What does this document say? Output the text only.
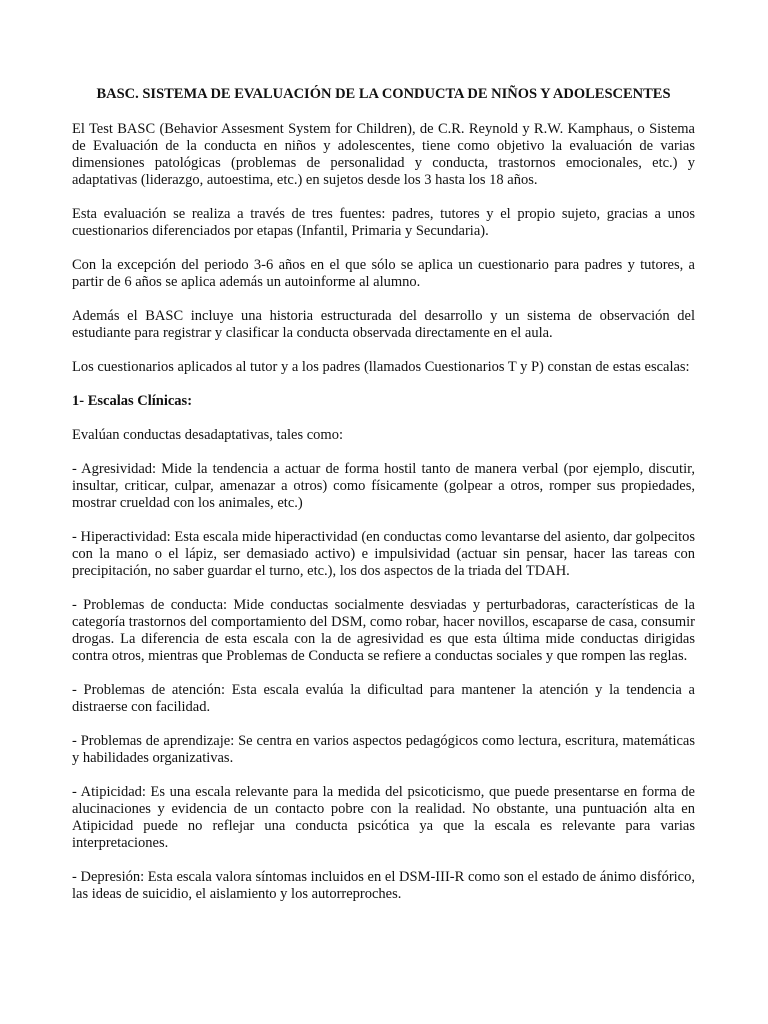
BASC. SISTEMA DE EVALUACIÓN DE LA CONDUCTA DE NIÑOS Y ADOLESCENTES

El Test BASC (Behavior Assesment System for Children), de C.R. Reynold y R.W. Kamphaus, o Sistema de Evaluación de la conducta en niños y adolescentes, tiene como objetivo la evaluación de varias dimensiones patológicas (problemas de personalidad y conducta, trastornos emocionales, etc.) y adaptativas (liderazgo, autoestima, etc.) en sujetos desde los 3 hasta los 18 años.

Esta evaluación se realiza a través de tres fuentes: padres, tutores y el propio sujeto, gracias a unos cuestionarios diferenciados por etapas (Infantil, Primaria y Secundaria).

Con la excepción del periodo 3-6 años en el que sólo se aplica un cuestionario para padres y tutores, a partir de 6 años se aplica además un autoinforme al alumno.

Además el BASC incluye una historia estructurada del desarrollo y un sistema de observación del estudiante para registrar y clasificar la conducta observada directamente en el aula.

Los cuestionarios aplicados al tutor y a los padres (llamados Cuestionarios T y P) constan de estas escalas:

1- Escalas Clínicas:

Evalúan conductas desadaptativas, tales como:

- Agresividad: Mide la tendencia a actuar de forma hostil tanto de manera verbal (por ejemplo, discutir, insultar, criticar, culpar, amenazar a otros) como físicamente (golpear a otros, romper sus propiedades, mostrar crueldad con los animales, etc.)

- Hiperactividad: Esta escala mide hiperactividad (en conductas como levantarse del asiento, dar golpecitos con la mano o el lápiz, ser demasiado activo) e impulsividad (actuar sin pensar, hacer las tareas con precipitación, no saber guardar el turno, etc.), los dos aspectos de la triada del TDAH.

- Problemas de conducta: Mide conductas socialmente desviadas y perturbadoras, características de la categoría trastornos del comportamiento del DSM, como robar, hacer novillos, escaparse de casa, consumir drogas. La diferencia de esta escala con la de agresividad es que esta última mide conductas dirigidas contra otros, mientras que Problemas de Conducta se refiere a conductas sociales y que rompen las reglas.

- Problemas de atención: Esta escala evalúa la dificultad para mantener la atención y la tendencia a distraerse con facilidad.

- Problemas de aprendizaje: Se centra en varios aspectos pedagógicos como lectura, escritura, matemáticas y habilidades organizativas.

- Atipicidad: Es una escala relevante para la medida del psicoticismo, que puede presentarse en forma de alucinaciones y evidencia de un contacto pobre con la realidad. No obstante, una puntuación alta en Atipicidad puede no reflejar una conducta psicótica ya que la escala es relevante para varias interpretaciones.

- Depresión: Esta escala valora síntomas incluidos en el DSM-III-R como son el estado de ánimo disfórico, las ideas de suicidio, el aislamiento y los autorreproches.
